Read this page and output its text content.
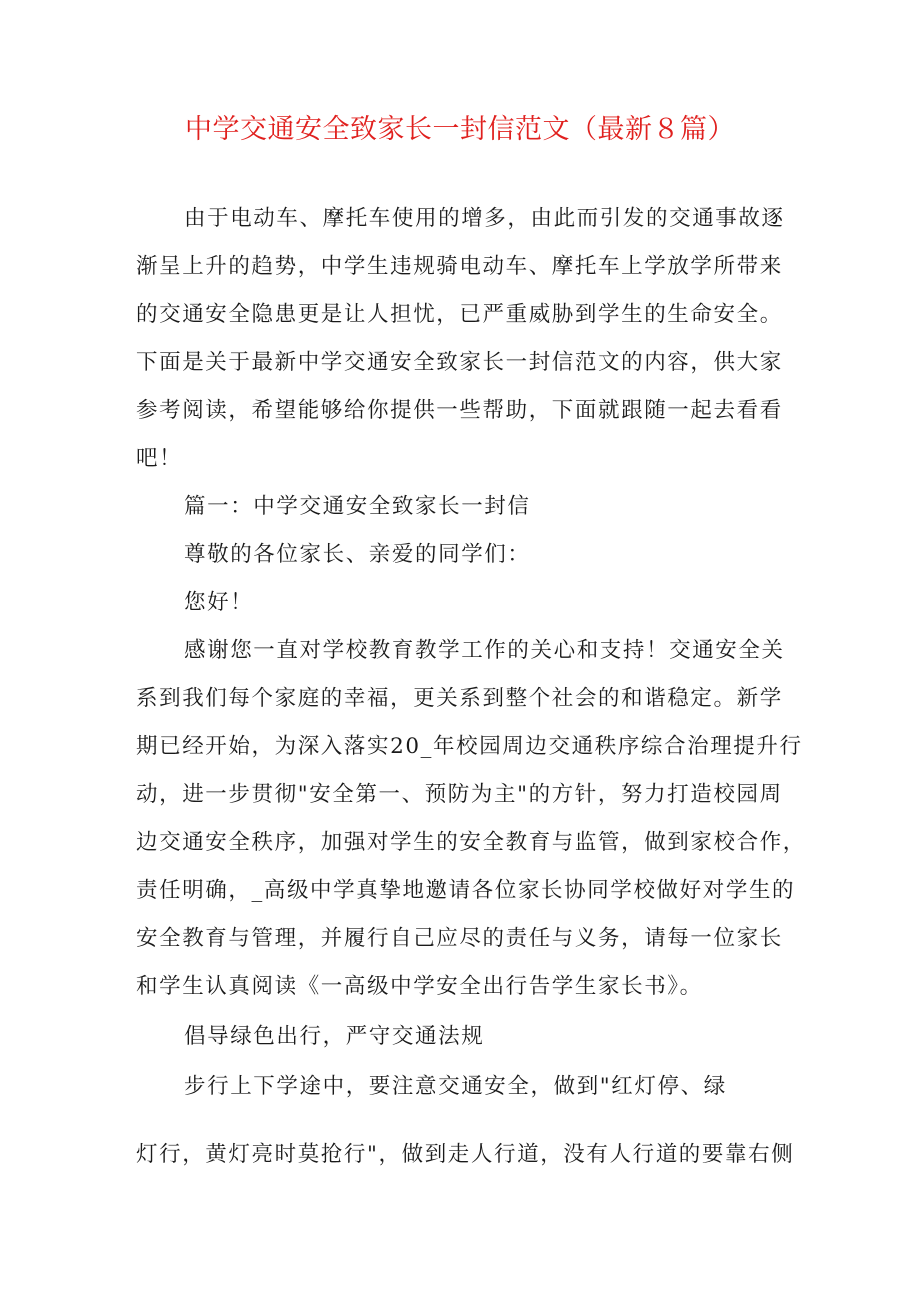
中学交通安全致家长一封信范文（最新８篇）
由于电动车、摩托车使用的增多，由此而引发的交通事故逐
渐呈上升的趋势，中学生违规骑电动车、摩托车上学放学所带来
的交通安全隐患更是让人担忧，已严重威胁到学生的生命安全。
下面是关于最新中学交通安全致家长一封信范文的内容，供大家
参考阅读，希望能够给你提供一些帮助，下面就跟随一起去看看
吧！
篇一：中学交通安全致家长一封信
尊敬的各位家长、亲爱的同学们：
您好！
感谢您一直对学校教育教学工作的关心和支持！交通安全关
系到我们每个家庭的幸福，更关系到整个社会的和谐稳定。新学
期已经开始，为深入落实20_年校园周边交通秩序综合治理提升行
动，进一步贯彻"安全第一、预防为主"的方针，努力打造校园周
边交通安全秩序，加强对学生的安全教育与监管，做到家校合作，
责任明确，_高级中学真挚地邀请各位家长协同学校做好对学生的
安全教育与管理，并履行自己应尽的责任与义务，请每一位家长
和学生认真阅读《一高级中学安全出行告学生家长书》。
倡导绿色出行，严守交通法规
步行上下学途中，要注意交通安全，做到"红灯停、绿
灯行，黄灯亮时莫抢行"，做到走人行道，没有人行道的要靠右侧
